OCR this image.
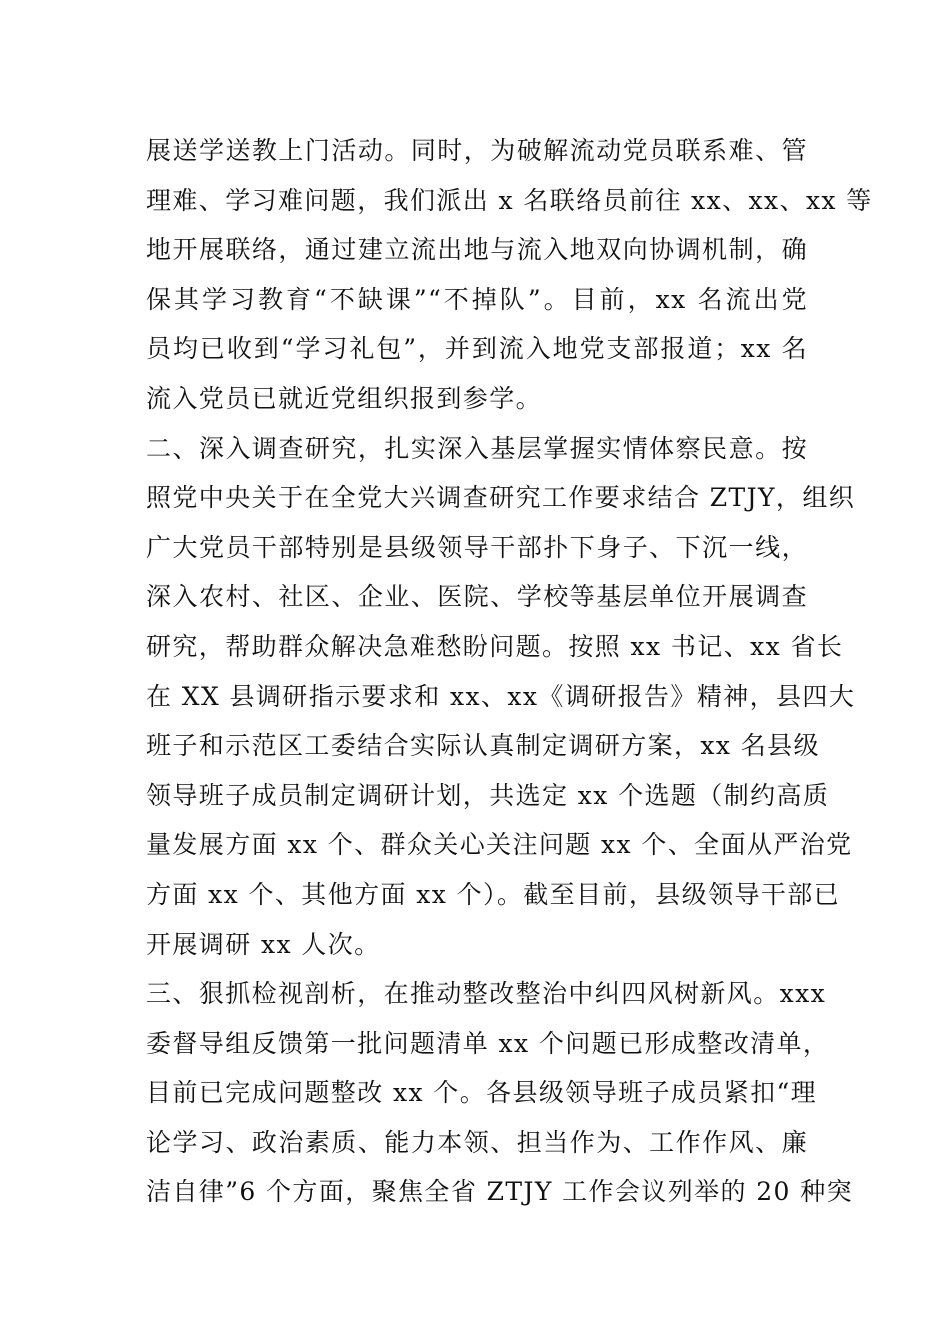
展送学送教上门活动。同时，为破解流动党员联系难、管
理难、学习难问题，我们派出 x 名联络员前往 xx、xx、xx 等
地开展联络，通过建立流出地与流入地双向协调机制，确
保其学习教育“不缺课”“不掉队”。目前，xx 名流出党
员均已收到“学习礼包”，并到流入地党支部报道；xx 名
流入党员已就近党组织报到参学。
二、深入调查研究，扎实深入基层掌握实情体察民意。按
照党中央关于在全党大兴调查研究工作要求结合 ZTJY，组织
广大党员干部特别是县级领导干部扑下身子、下沉一线，
深入农村、社区、企业、医院、学校等基层单位开展调查
研究，帮助群众解决急难愁盼问题。按照 xx 书记、xx 省长
在 XX 县调研指示要求和 xx、xx《调研报告》精神，县四大
班子和示范区工委结合实际认真制定调研方案，xx 名县级
领导班子成员制定调研计划，共选定 xx 个选题（制约高质
量发展方面 xx 个、群众关心关注问题 xx 个、全面从严治党
方面 xx 个、其他方面 xx 个）。截至目前，县级领导干部已
开展调研 xx 人次。
三、狠抓检视剖析，在推动整改整治中纠四风树新风。xxx
委督导组反馈第一批问题清单 xx 个问题已形成整改清单，
目前已完成问题整改 xx 个。各县级领导班子成员紧扣“理
论学习、政治素质、能力本领、担当作为、工作作风、廉
洁自律”6 个方面，聚焦全省 ZTJY 工作会议列举的 20 种突
